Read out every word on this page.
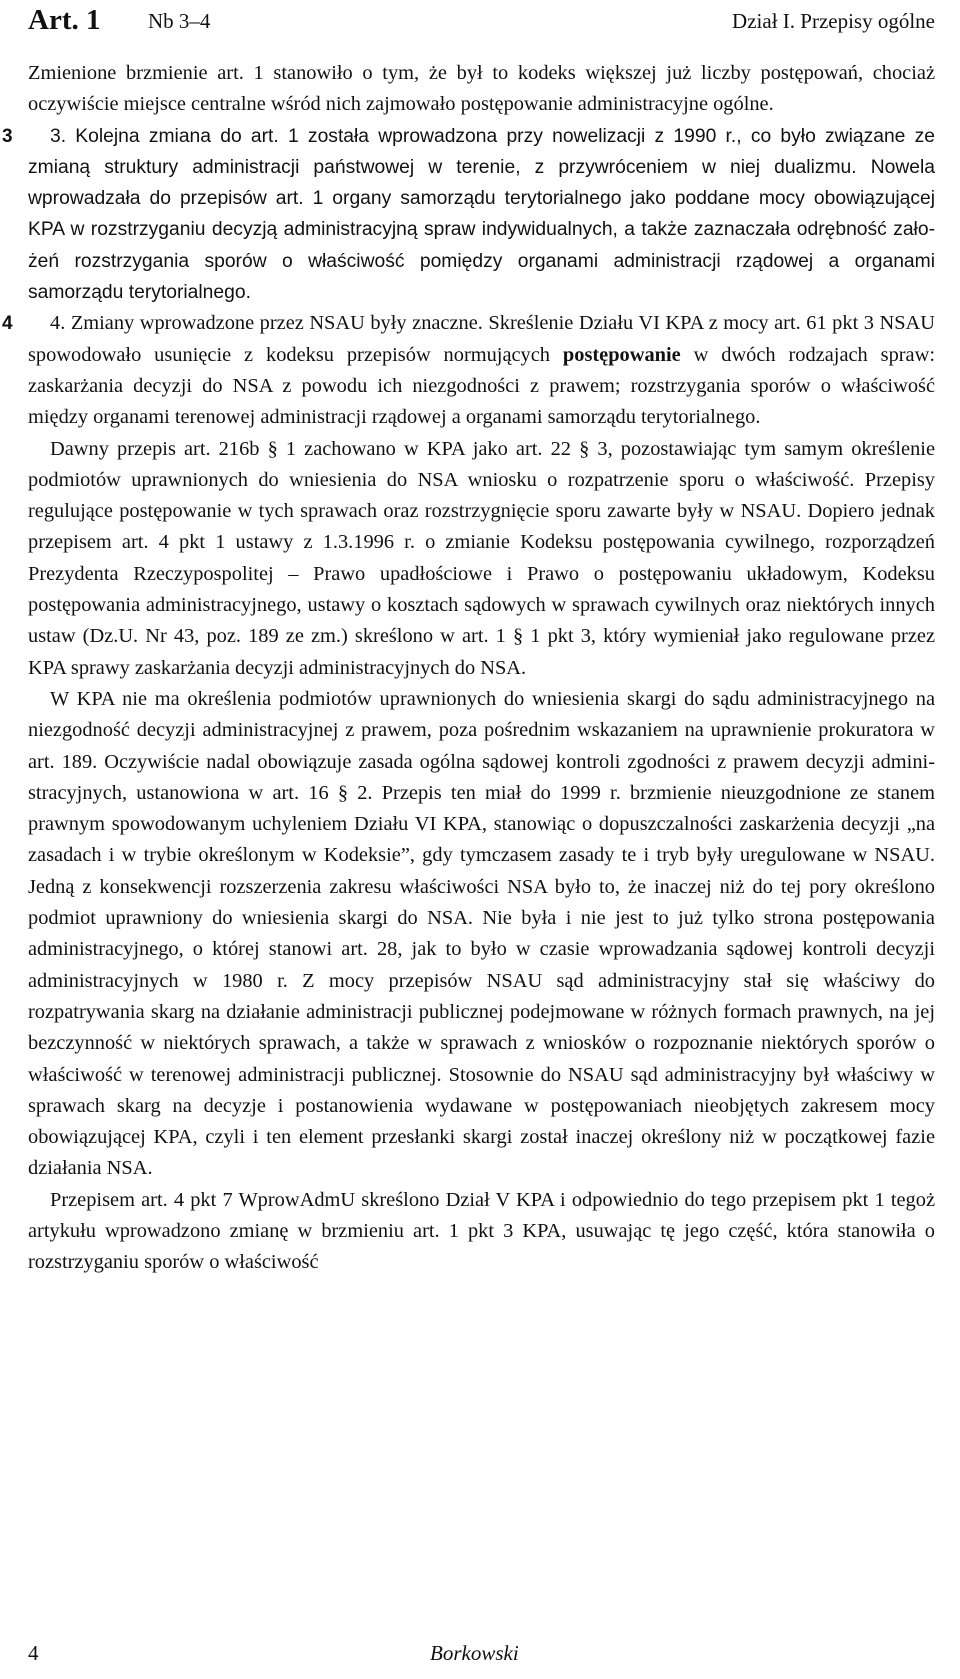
Art. 1 Nb 3–4	Dział I. Przepisy ogólne

Zmienione brzmienie art. 1 stanowiło o tym, że był to kodeks większej już liczby postępowań, chociaż oczywiście miejsce centralne wśród nich zajmowało postępowanie administracyjne ogólne.

3	3. Kolejna zmiana do art. 1 została wprowadzona przy nowelizacji z 1990 r., co było związane ze zmianą struktury administracji państwowej w terenie, z przywróceniem w niej dualizmu. Nowela wprowadzała do przepisów art. 1 organy samorządu terytorialnego jako poddane mocy obowiązującej KPA w rozstrzyganiu decyzją administracyjną spraw indywidualnych, a także zaznaczała odrębność założeń rozstrzygania sporów o właściwość pomiędzy organami administracji rządowej a organami samorządu terytorialnego.

4	4. Zmiany wprowadzone przez NSAU były znaczne. Skreślenie Działu VI KPA z mocy art. 61 pkt 3 NSAU spowodowało usunięcie z kodeksu przepisów normujących postępowanie w dwóch rodzajach spraw: zaskarżania decyzji do NSA z powodu ich niezgodności z prawem; rozstrzygania sporów o właściwość między organami terenowej administracji rządowej a organami samorządu terytorialnego.

Dawny przepis art. 216b § 1 zachowano w KPA jako art. 22 § 3, pozostawiając tym samym określenie podmiotów uprawnionych do wniesienia do NSA wniosku o rozpatrzenie sporu o właściwość. Przepisy regulujące postępowanie w tych sprawach oraz rozstrzygnięcie sporu zawarte były w NSAU. Dopiero jednak przepisem art. 4 pkt 1 ustawy z 1.3.1996 r. o zmianie Kodeksu postępowania cywilnego, rozporządzeń Prezydenta Rzeczypospolitej – Prawo upadłościowe i Prawo o postępowaniu układowym, Kodeksu postępowania administracyjnego, ustawy o kosztach sądowych w sprawach cywilnych oraz niektórych innych ustaw (Dz.U. Nr 43, poz. 189 ze zm.) skreślono w art. 1 § 1 pkt 3, który wymieniał jako regulowane przez KPA sprawy zaskarżania decyzji administracyjnych do NSA.

W KPA nie ma określenia podmiotów uprawnionych do wniesienia skargi do sądu administracyjnego na niezgodność decyzji administracyjnej z prawem, poza pośrednim wskazaniem na uprawnienie prokuratora w art. 189. Oczywiście nadal obowiązuje zasada ogólna sądowej kontroli zgodności z prawem decyzji administracyjnych, ustanowiona w art. 16 § 2. Przepis ten miał do 1999 r. brzmienie nieuzgodnione ze stanem prawnym spowodowanym uchyleniem Działu VI KPA, stanowiąc o dopuszczalności zaskarżenia decyzji „na zasadach i w trybie określonym w Kodeksie”, gdy tymczasem zasady te i tryb były uregulowane w NSAU. Jedną z konsekwencji rozszerzenia zakresu właściwości NSA było to, że inaczej niż do tej pory określono podmiot uprawniony do wniesienia skargi do NSA. Nie była i nie jest to już tylko strona postępowania administracyjnego, o której stanowi art. 28, jak to było w czasie wprowadzania sądowej kontroli decyzji administracyjnych w 1980 r. Z mocy przepisów NSAU sąd administracyjny stał się właściwy do rozpatrywania skarg na działanie administracji publicznej podejmowane w różnych formach prawnych, na jej bezczynność w niektórych sprawach, a także w sprawach z wniosków o rozpoznanie niektórych sporów o właściwość w terenowej administracji publicznej. Stosownie do NSAU sąd administracyjny był właściwy w sprawach skarg na decyzje i postanowienia wydawane w postępowaniach nieobjętych zakresem mocy obowiązującej KPA, czyli i ten element przesłanki skargi został inaczej określony niż w początkowej fazie działania NSA.

Przepisem art. 4 pkt 7 WprowAdmU skreślono Dział V KPA i odpowiednio do tego przepisem pkt 1 tegoż artykułu wprowadzono zmianę w brzmieniu art. 1 pkt 3 KPA, usuwając tę jego część, która stanowiła o rozstrzyganiu sporów o właściwość

4	Borkowski
